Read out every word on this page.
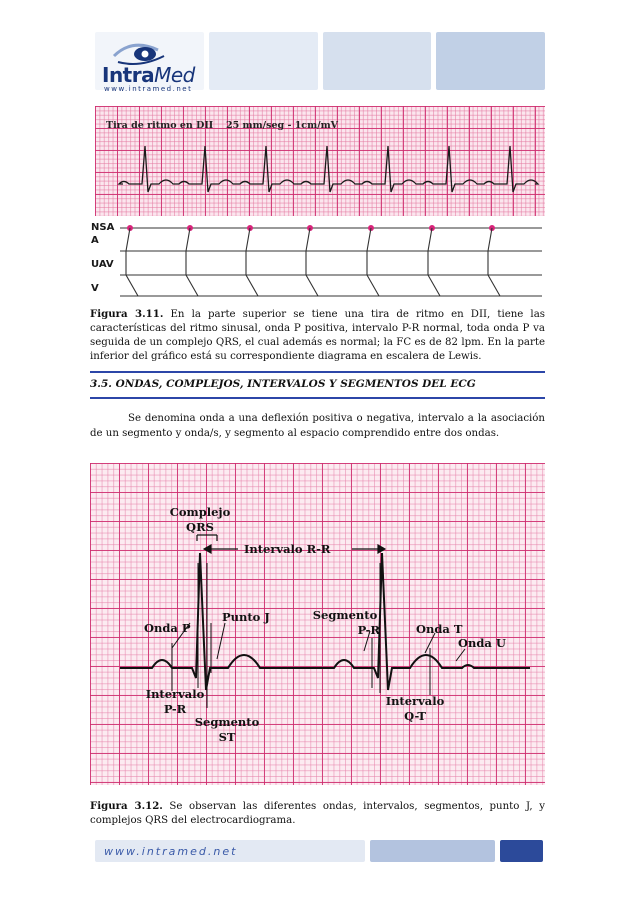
IntraMed
www.intramed.net
Tira de ritmo en DII 25 mm/seg - 1cm/mV
NSA
A
UAV
V
Figura 3.11. En la parte superior se tiene una tira de ritmo en DII, tiene las características del ritmo sinusal, onda P positiva, intervalo P-R normal, toda onda P va seguida de un complejo QRS, el cual además es normal; la FC es de 82 lpm. En la parte inferior del gráfico está su correspondiente diagrama en escalera de Lewis.
3.5. ONDAS, COMPLEJOS, INTERVALOS Y SEGMENTOS DEL ECG
Se denomina onda a una deflexión positiva o negativa, intervalo a la asociación de un segmento y onda/s, y segmento al espacio comprendido entre dos ondas.
Complejo
QRS
Intervalo R-R
Punto J
Onda P
Segmento
P-R	Onda T
Onda U
Intervalo
P-R
Segmento
ST
Intervalo
Q-T
Figura 3.12. Se observan las diferentes ondas, intervalos, segmentos, punto J, y complejos QRS del electrocardiograma.
www.intramed.net
